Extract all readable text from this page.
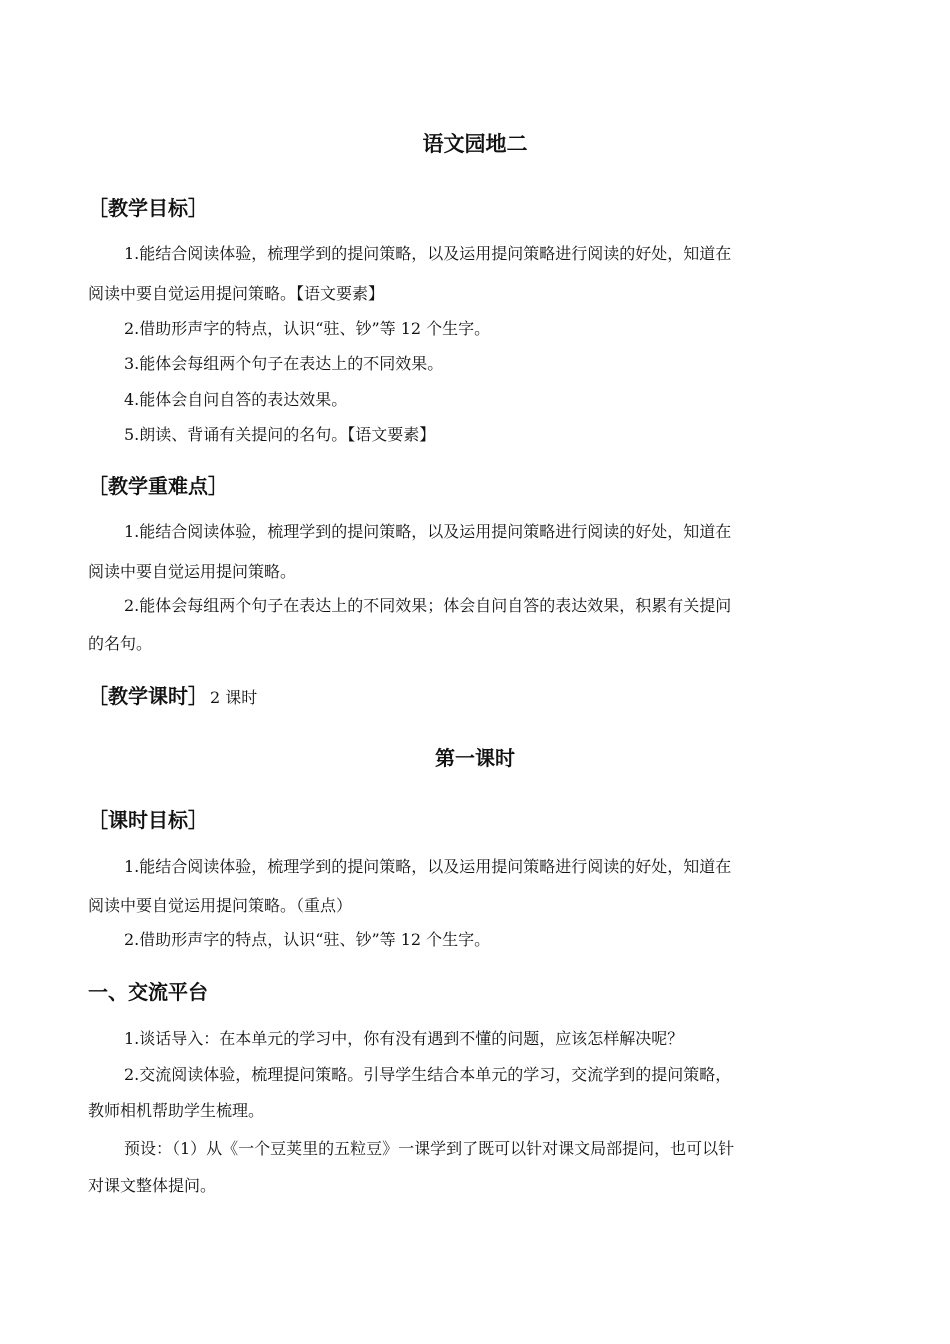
语文园地二
［教学目标］
1.能结合阅读体验，梳理学到的提问策略，以及运用提问策略进行阅读的好处，知道在
阅读中要自觉运用提问策略。【语文要素】
2.借助形声字的特点，认识“驻、钞”等 12 个生字。
3.能体会每组两个句子在表达上的不同效果。
4.能体会自问自答的表达效果。
5.朗读、背诵有关提问的名句。【语文要素】
［教学重难点］
1.能结合阅读体验，梳理学到的提问策略，以及运用提问策略进行阅读的好处，知道在
阅读中要自觉运用提问策略。
2.能体会每组两个句子在表达上的不同效果；体会自问自答的表达效果，积累有关提问
的名句。
［教学课时］ 2 课时
第一课时
［课时目标］
1.能结合阅读体验，梳理学到的提问策略，以及运用提问策略进行阅读的好处，知道在
阅读中要自觉运用提问策略。（重点）
2.借助形声字的特点，认识“驻、钞”等 12 个生字。
一、交流平台
1.谈话导入：在本单元的学习中，你有没有遇到不懂的问题，应该怎样解决呢？
2.交流阅读体验，梳理提问策略。引导学生结合本单元的学习，交流学到的提问策略，
教师相机帮助学生梳理。
预设：（1）从《一个豆荚里的五粒豆》一课学到了既可以针对课文局部提问，也可以针
对课文整体提问。
